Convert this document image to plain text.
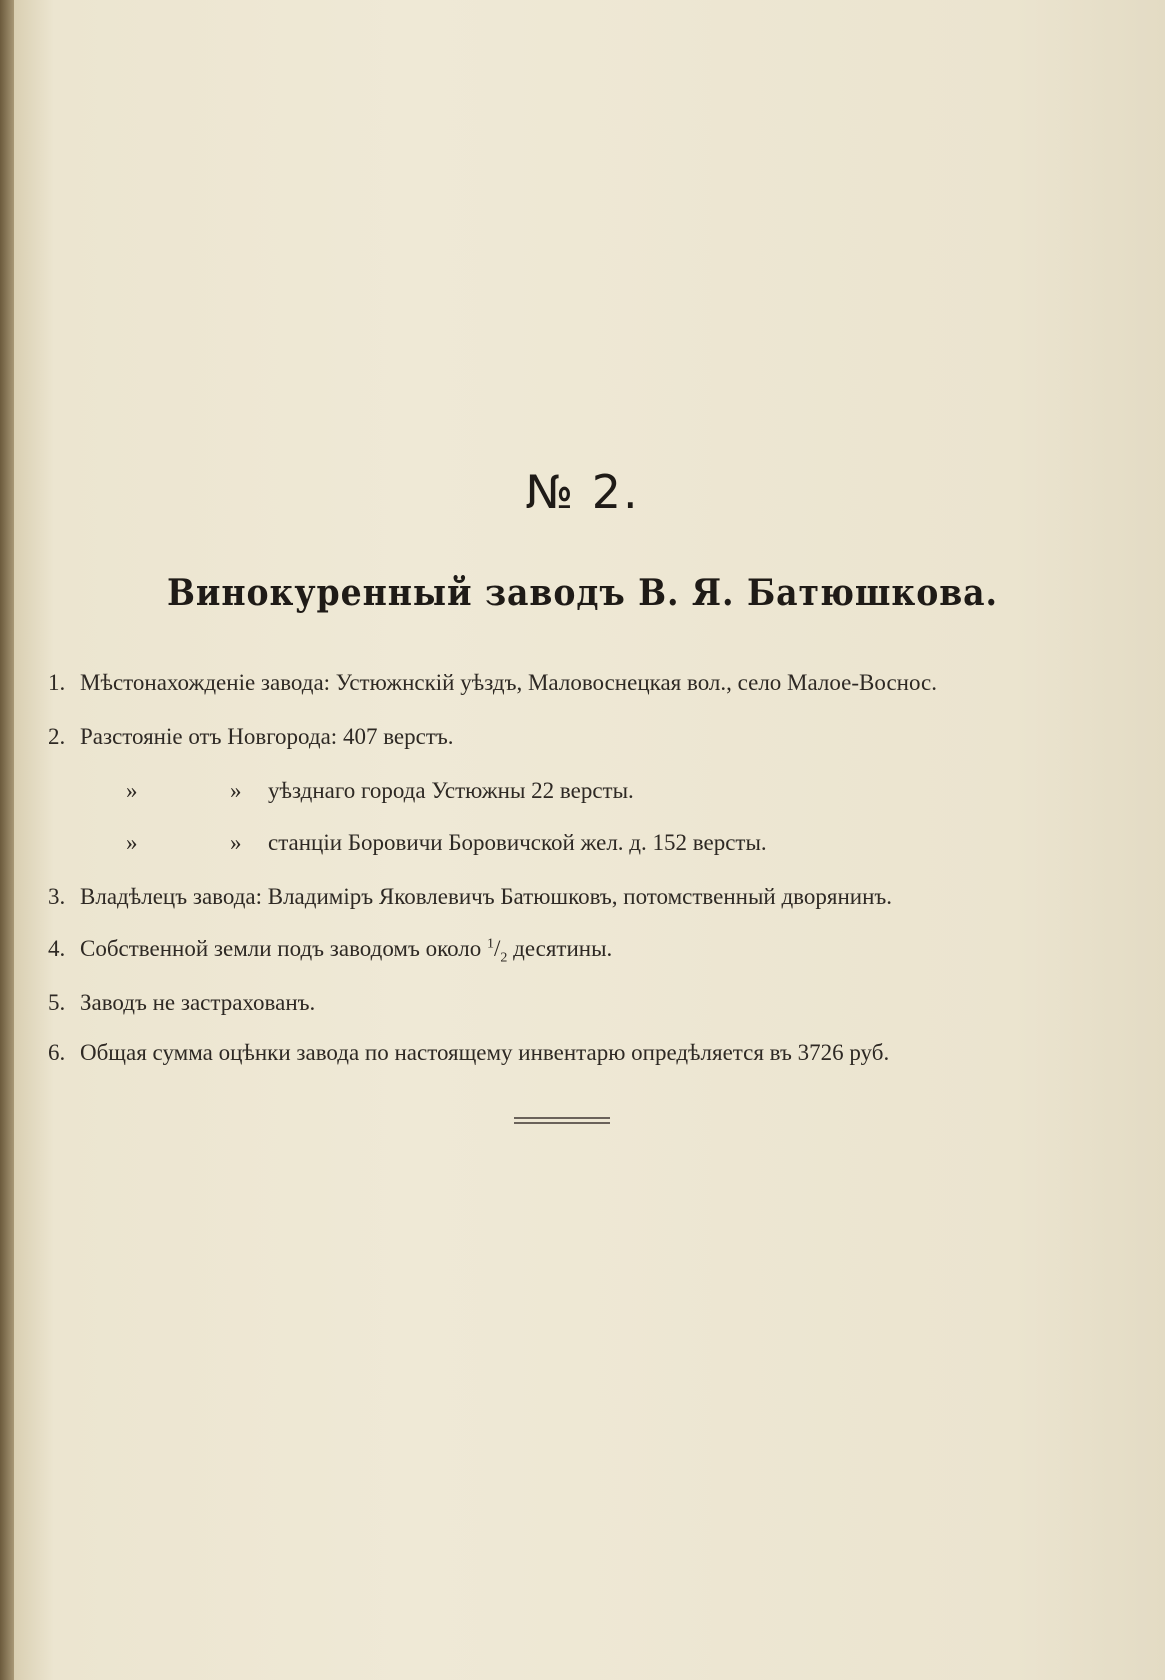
№ 2.
Винокуренный заводъ В. Я. Батюшкова.
1. Мѣстонахожденіе завода: Устюжнскій уѣздъ, Маловоснецкая вол., село Малое-Воснос.
2. Разстояніе отъ Новгорода: 407 верстъ.
»	» уѣзднаго города Устюжны 22 версты.
»	» станціи Боровичи Боровичской жел. д. 152 версты.
3. Владѣлецъ завода: Владиміръ Яковлевичъ Батюшковъ, потомственный дворянинъ.
4. Собственной земли подъ заводомъ около $^1/_2$ десятины.
5. Заводъ не застрахованъ.
6. Общая сумма оцѣнки завода по настоящему инвентарю опредѣляется въ 3726 руб.
